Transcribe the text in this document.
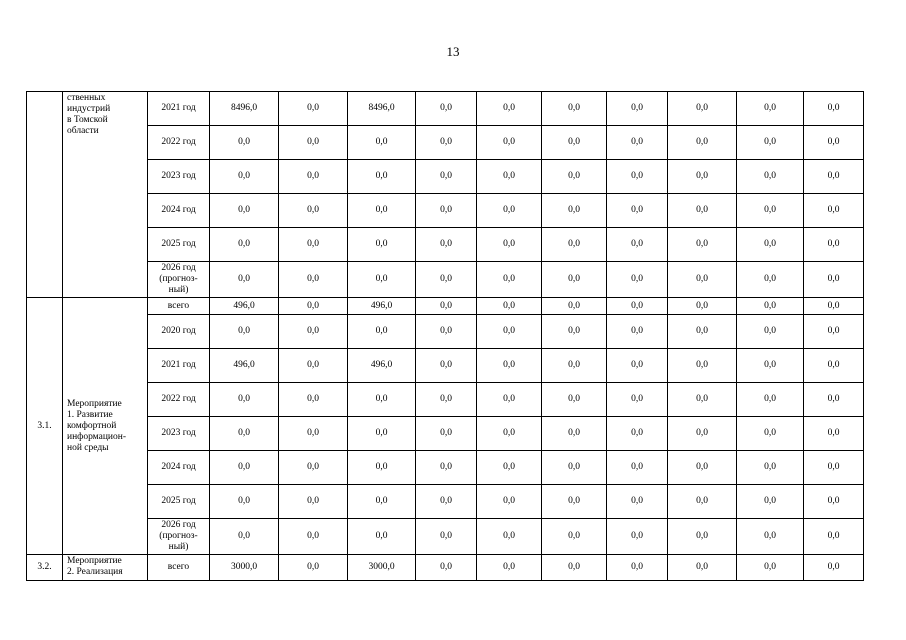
13

	ственных
индустрий
в Томской
области	2021 год	8496,0	0,0	8496,0	0,0	0,0	0,0	0,0	0,0	0,0	0,0
		2022 год	0,0	0,0	0,0	0,0	0,0	0,0	0,0	0,0	0,0	0,0
		2023 год	0,0	0,0	0,0	0,0	0,0	0,0	0,0	0,0	0,0	0,0
		2024 год	0,0	0,0	0,0	0,0	0,0	0,0	0,0	0,0	0,0	0,0
		2025 год	0,0	0,0	0,0	0,0	0,0	0,0	0,0	0,0	0,0	0,0

		2026 год
(прогноз-
ный)	0,0	0,0	0,0	0,0	0,0	0,0	0,0	0,0	0,0	0,0
3.1.	Мероприятие
1. Развитие
комфортной
информацион-
ной среды	всего	496,0	0,0	496,0	0,0	0,0	0,0	0,0	0,0	0,0	0,0
		2020 год	0,0	0,0	0,0	0,0	0,0	0,0	0,0	0,0	0,0	0,0
		2021 год	496,0	0,0	496,0	0,0	0,0	0,0	0,0	0,0	0,0	0,0
		2022 год	0,0	0,0	0,0	0,0	0,0	0,0	0,0	0,0	0,0	0,0
		2023 год	0,0	0,0	0,0	0,0	0,0	0,0	0,0	0,0	0,0	0,0
		2024 год	0,0	0,0	0,0	0,0	0,0	0,0	0,0	0,0	0,0	0,0
		2025 год	0,0	0,0	0,0	0,0	0,0	0,0	0,0	0,0	0,0	0,0

		2026 год
(прогноз-
ный)	0,0	0,0	0,0	0,0	0,0	0,0	0,0	0,0	0,0	0,0
3.2.	Мероприятие
2. Реализация	всего	3000,0	0,0	3000,0	0,0	0,0	0,0	0,0	0,0	0,0	0,0
